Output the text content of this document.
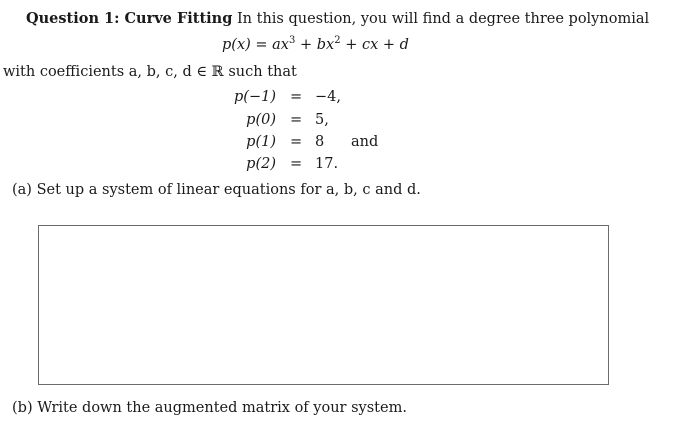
Question 1: Curve Fitting In this question, you will find a degree three polynomial
$p(x) = ax^3 + bx^2$ + cx + d
with coefficients a, b, c, d ∈ ℝ such that
p(−1) = −4,
p(0) = 5,
p(1) = 8 and
p(2) = 17.
(a) Set up a system of linear equations for a, b, c and d.
(b) Write down the augmented matrix of your system.
